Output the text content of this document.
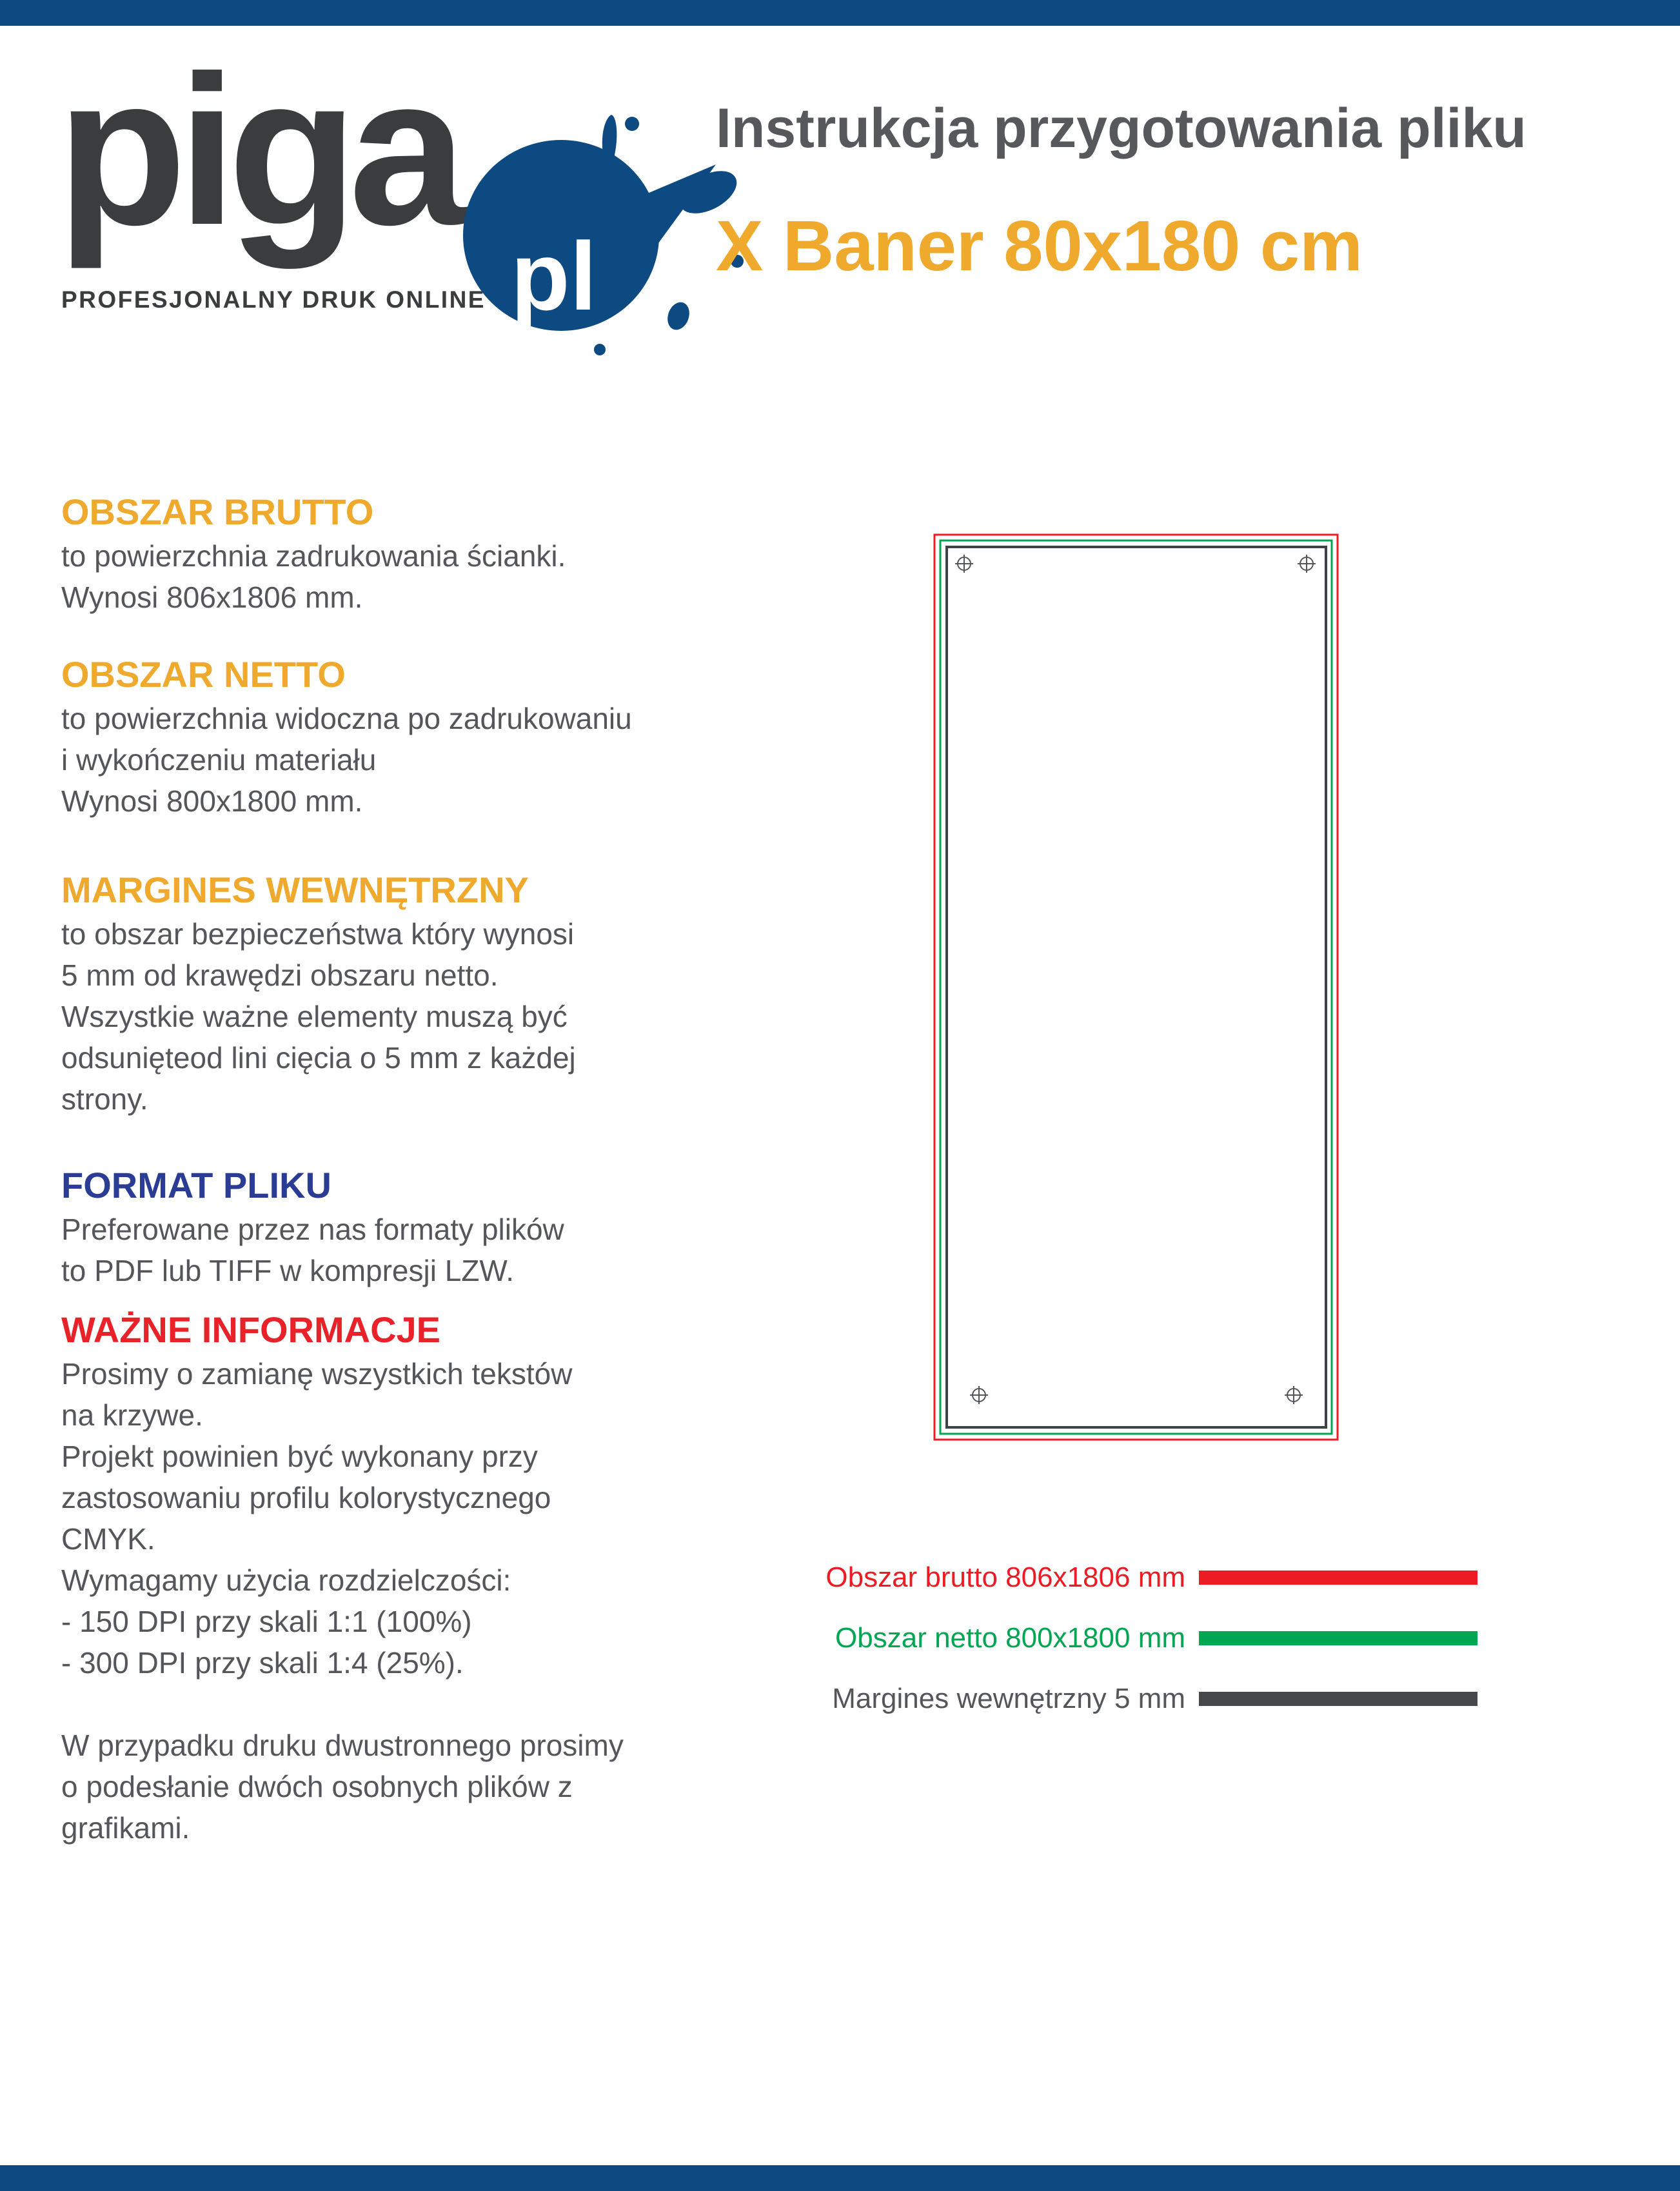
piga
pl
PROFESJONALNY DRUK ONLINE
Instrukcja przygotowania pliku
X Baner 80x180 cm
OBSZAR BRUTTO
to powierzchnia zadrukowania ścianki.
Wynosi 806x1806 mm.
OBSZAR NETTO
to powierzchnia widoczna po zadrukowaniu
i wykończeniu materiału
Wynosi 800x1800 mm.
MARGINES WEWNĘTRZNY
to obszar bezpieczeństwa który wynosi
5 mm od krawędzi obszaru netto.
Wszystkie ważne elementy muszą być
odsunięteod lini cięcia o 5 mm z każdej
strony.
FORMAT PLIKU
Preferowane przez nas formaty plików
to PDF lub TIFF w kompresji LZW.
WAŻNE INFORMACJE
Prosimy o zamianę wszystkich tekstów
na krzywe.
Projekt powinien być wykonany przy
zastosowaniu profilu kolorystycznego
CMYK.
Wymagamy użycia rozdzielczości:
- 150 DPI przy skali 1:1 (100%)
- 300 DPI przy skali 1:4 (25%).
W przypadku druku dwustronnego prosimy
o podesłanie dwóch osobnych plików z
grafikami.
Obszar brutto 806x1806 mm
Obszar netto 800x1800 mm
Margines wewnętrzny 5 mm
